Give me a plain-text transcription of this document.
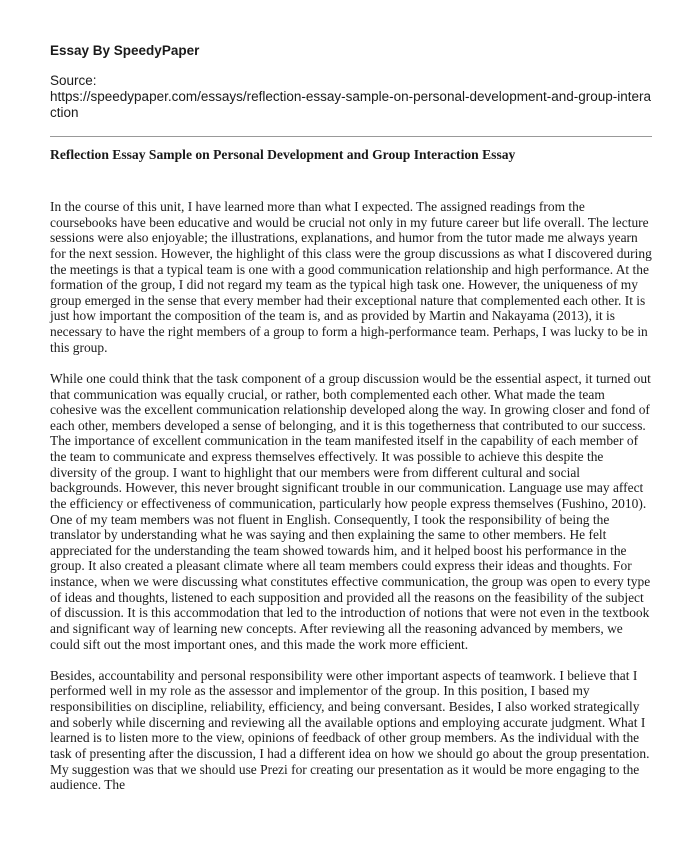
Essay By SpeedyPaper
Source:
https://speedypaper.com/essays/reflection-essay-sample-on-personal-development-and-group-interaction
Reflection Essay Sample on Personal Development and Group Interaction Essay

In the course of this unit, I have learned more than what I expected. The assigned readings from the coursebooks have been educative and would be crucial not only in my future career but life overall. The lecture sessions were also enjoyable; the illustrations, explanations, and humor from the tutor made me always yearn for the next session. However, the highlight of this class were the group discussions as what I discovered during the meetings is that a typical team is one with a good communication relationship and high performance. At the formation of the group, I did not regard my team as the typical high task one. However, the uniqueness of my group emerged in the sense that every member had their exceptional nature that complemented each other. It is just how important the composition of the team is, and as provided by Martin and Nakayama (2013), it is necessary to have the right members of a group to form a high-performance team. Perhaps, I was lucky to be in this group.

While one could think that the task component of a group discussion would be the essential aspect, it turned out that communication was equally crucial, or rather, both complemented each other. What made the team cohesive was the excellent communication relationship developed along the way. In growing closer and fond of each other, members developed a sense of belonging, and it is this togetherness that contributed to our success. The importance of excellent communication in the team manifested itself in the capability of each member of the team to communicate and express themselves effectively. It was possible to achieve this despite the diversity of the group. I want to highlight that our members were from different cultural and social backgrounds. However, this never brought significant trouble in our communication. Language use may affect the efficiency or effectiveness of communication, particularly how people express themselves (Fushino, 2010). One of my team members was not fluent in English. Consequently, I took the responsibility of being the translator by understanding what he was saying and then explaining the same to other members. He felt appreciated for the understanding the team showed towards him, and it helped boost his performance in the group. It also created a pleasant climate where all team members could express their ideas and thoughts. For instance, when we were discussing what constitutes effective communication, the group was open to every type of ideas and thoughts, listened to each supposition and provided all the reasons on the feasibility of the subject of discussion. It is this accommodation that led to the introduction of notions that were not even in the textbook and significant way of learning new concepts. After reviewing all the reasoning advanced by members, we could sift out the most important ones, and this made the work more efficient.

Besides, accountability and personal responsibility were other important aspects of teamwork. I believe that I performed well in my role as the assessor and implementor of the group. In this position, I based my responsibilities on discipline, reliability, efficiency, and being conversant. Besides, I also worked strategically and soberly while discerning and reviewing all the available options and employing accurate judgment. What I learned is to listen more to the view, opinions of feedback of other group members. As the individual with the task of presenting after the discussion, I had a different idea on how we should go about the group presentation. My suggestion was that we should use Prezi for creating our presentation as it would be more engaging to the audience. The
